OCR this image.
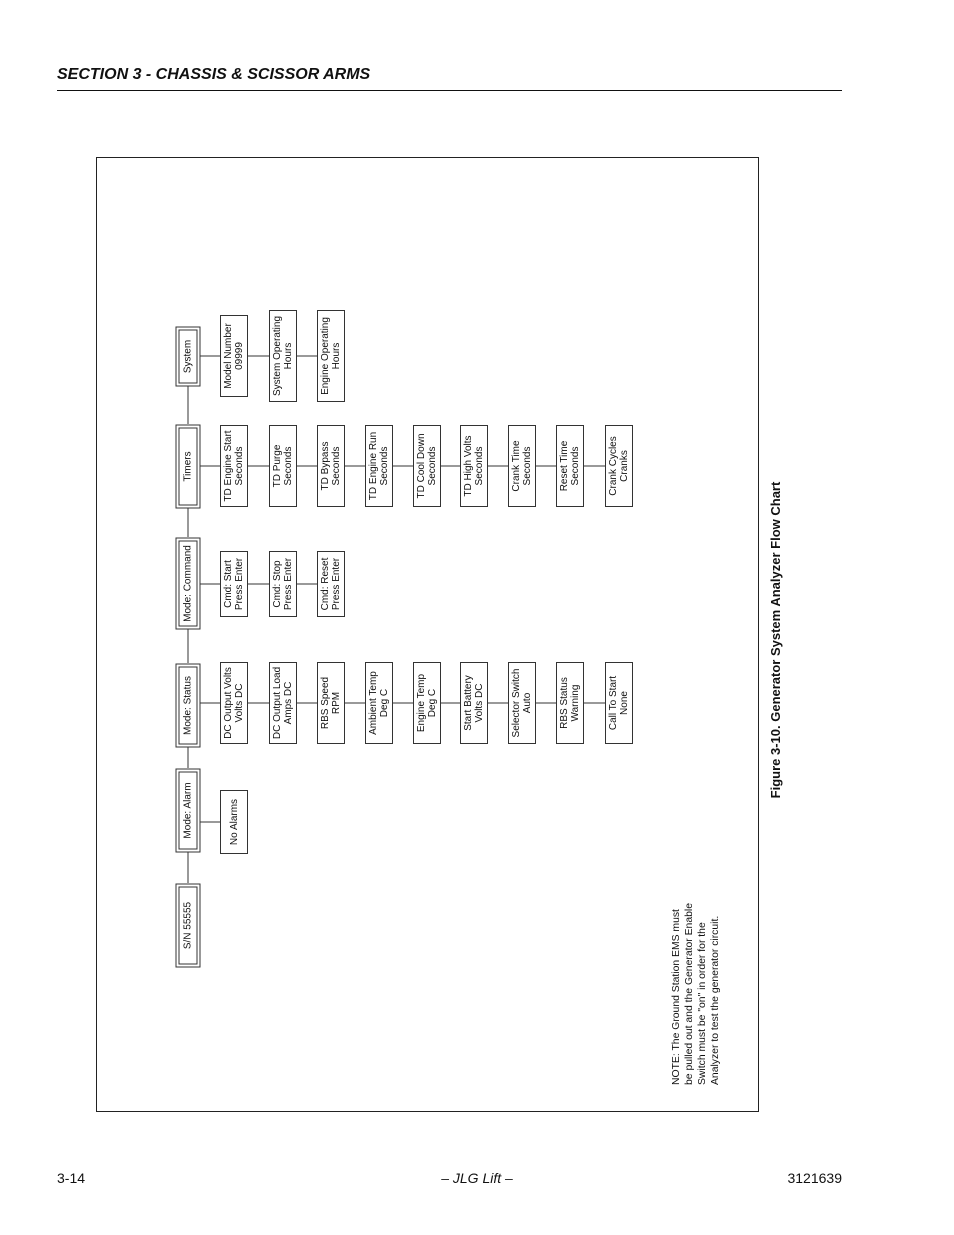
SECTION 3 - CHASSIS & SCISSOR ARMS
S/N 55555
Mode: Alarm	No Alarms
Mode: Status	DC Output Volts
Volts DC
DC Output Load
Amps DC
RBS Speed
RPM	Ambient Temp
Deg C
Engine Temp
Deg C
Start Battery
Volts DC
Selector Switch
Auto
RBS Status
Warning
Call To Start
None
Mode: Command	Cmd: Start
Press Enter
Cmd: Stop
Press Enter
Cmd: Reset
Press Enter
Timers
TD Engine Start
Seconds	TD Purge
Seconds	TD Bypass
Seconds
TD Engine Run
Seconds
TD Cool Down
Seconds
TD High Volts
Seconds	Crank Time
Seconds	Reset Time
Seconds	Crank Cycles
Cranks
System
Model Number
09999
System Operating
Hours
Engine Operating
Hours
NOTE: The Ground Station EMS must
be pulled out and the Generator Enable
Switch must be "on" in order for the
Analyzer to test the generator circuit.
Figure 3-10. Generator System Analyzer Flow Chart
3-14	– JLG Lift –	3121639
